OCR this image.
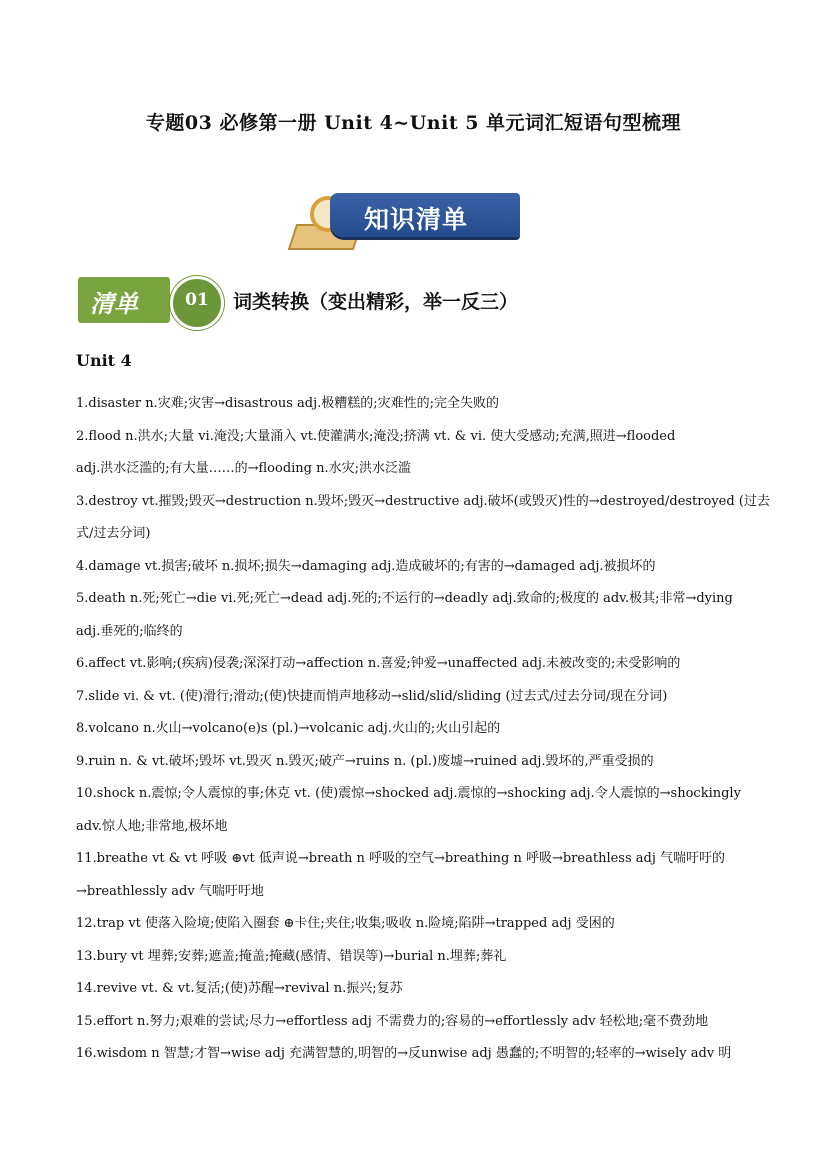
专题03 必修第一册 Unit 4~Unit 5 单元词汇短语句型梳理
知识清单
清单	01	词类转换（变出精彩，举一反三）
Unit 4

1.disaster n.灾难;灾害→disastrous adj.极糟糕的;灾难性的;完全失败的

2.flood n.洪水;大量 vi.淹没;大量涌入 vt.使灌满水;淹没;挤满 vt. & vi. 使大受感动;充满,照进→flooded

adj.洪水泛滥的;有大量……的→flooding n.水灾;洪水泛滥

3.destroy vt.摧毁;毁灭→destruction n.毁坏;毁灭→destructive adj.破坏(或毁灭)性的→destroyed/destroyed (过去

式/过去分词)

4.damage vt.损害;破坏 n.损坏;损失→damaging adj.造成破坏的;有害的→damaged adj.被损坏的

5.death n.死;死亡→die vi.死;死亡→dead adj.死的;不运行的→deadly adj.致命的;极度的 adv.极其;非常→dying

adj.垂死的;临终的

6.affect vt.影响;(疾病)侵袭;深深打动→affection n.喜爱;钟爱→unaffected adj.未被改变的;未受影响的

7.slide vi. & vt. (使)滑行;滑动;(使)快捷而悄声地移动→slid/slid/sliding (过去式/过去分词/现在分词)

8.volcano n.火山→volcano(e)s (pl.)→volcanic adj.火山的;火山引起的

9.ruin n. & vt.破坏;毁坏 vt.毁灭 n.毁灭;破产→ruins n. (pl.)废墟→ruined adj.毁坏的,严重受损的

10.shock n.震惊;令人震惊的事;休克 vt. (使)震惊→shocked adj.震惊的→shocking adj.令人震惊的→shockingly

adv.惊人地;非常地,极坏地

11.breathe vt & vt 呼吸 ⊕vt 低声说→breath n 呼吸的空气→breathing n 呼吸→breathless adj 气喘吁吁的

→breathlessly adv 气喘吁吁地

12.trap vt 使落入险境;使陷入圈套 ⊕卡住;夹住;收集;吸收 n.险境;陷阱→trapped adj 受困的

13.bury vt 埋葬;安葬;遮盖;掩盖;掩藏(感情、错误等)→burial n.埋葬;葬礼

14.revive vt. & vt.复活;(使)苏醒→revival n.振兴;复苏

15.effort n.努力;艰难的尝试;尽力→effortless adj 不需费力的;容易的→effortlessly adv 轻松地;毫不费劲地

16.wisdom n 智慧;才智→wise adj 充满智慧的,明智的→反unwise adj 愚蠢的;不明智的;轻率的→wisely adv 明
